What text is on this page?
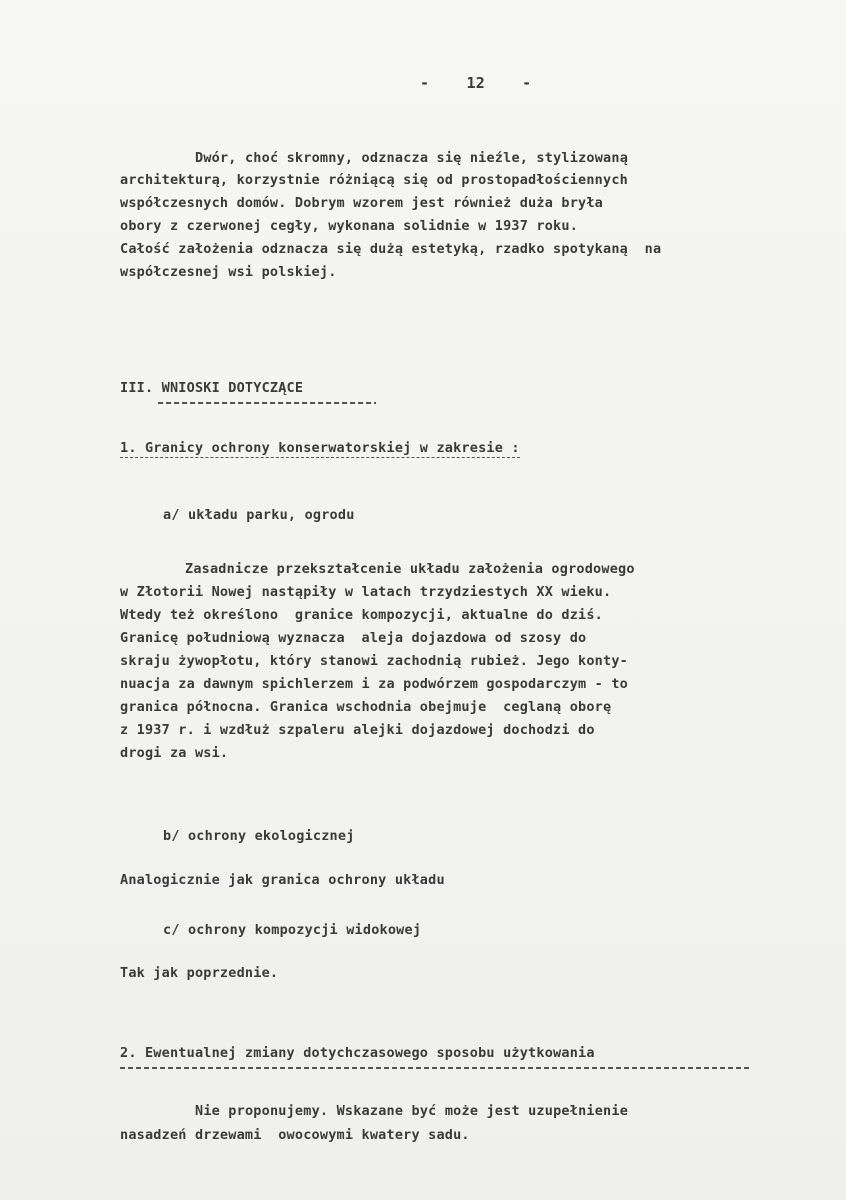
- 12 -
Dwór, choć skromny, odznacza się nieźle, stylizowaną
architekturą, korzystnie różniącą się od prostopadłościennych
współczesnych domów. Dobrym wzorem jest również duża bryła
obory z czerwonej cegły, wykonana solidnie w 1937 roku.
Całość założenia odznacza się dużą estetyką, rzadko spotykaną  na
współczesnej wsi polskiej.
III. WNIOSKI DOTYCZĄCE
1. Granicy ochrony konserwatorskiej w zakresie :
a/ układu parku, ogrodu
Zasadnicze przekształcenie układu założenia ogrodowego
w Złotorii Nowej nastąpiły w latach trzydziestych XX wieku.
Wtedy też określono  granice kompozycji, aktualne do dziś.
Granicę południową wyznacza  aleja dojazdowa od szosy do
skraju żywopłotu, który stanowi zachodnią rubież. Jego konty-
nuacja za dawnym spichlerzem i za podwórzem gospodarczym - to
granica północna. Granica wschodnia obejmuje  ceglaną oborę
z 1937 r. i wzdłuż szpaleru alejki dojazdowej dochodzi do
drogi za wsi.
b/ ochrony ekologicznej
Analogicznie jak granica ochrony układu
c/ ochrony kompozycji widokowej
Tak jak poprzednie.
2. Ewentualnej zmiany dotychczasowego sposobu użytkowania
Nie proponujemy. Wskazane być może jest uzupełnienie
nasadzeń drzewami  owocowymi kwatery sadu.
